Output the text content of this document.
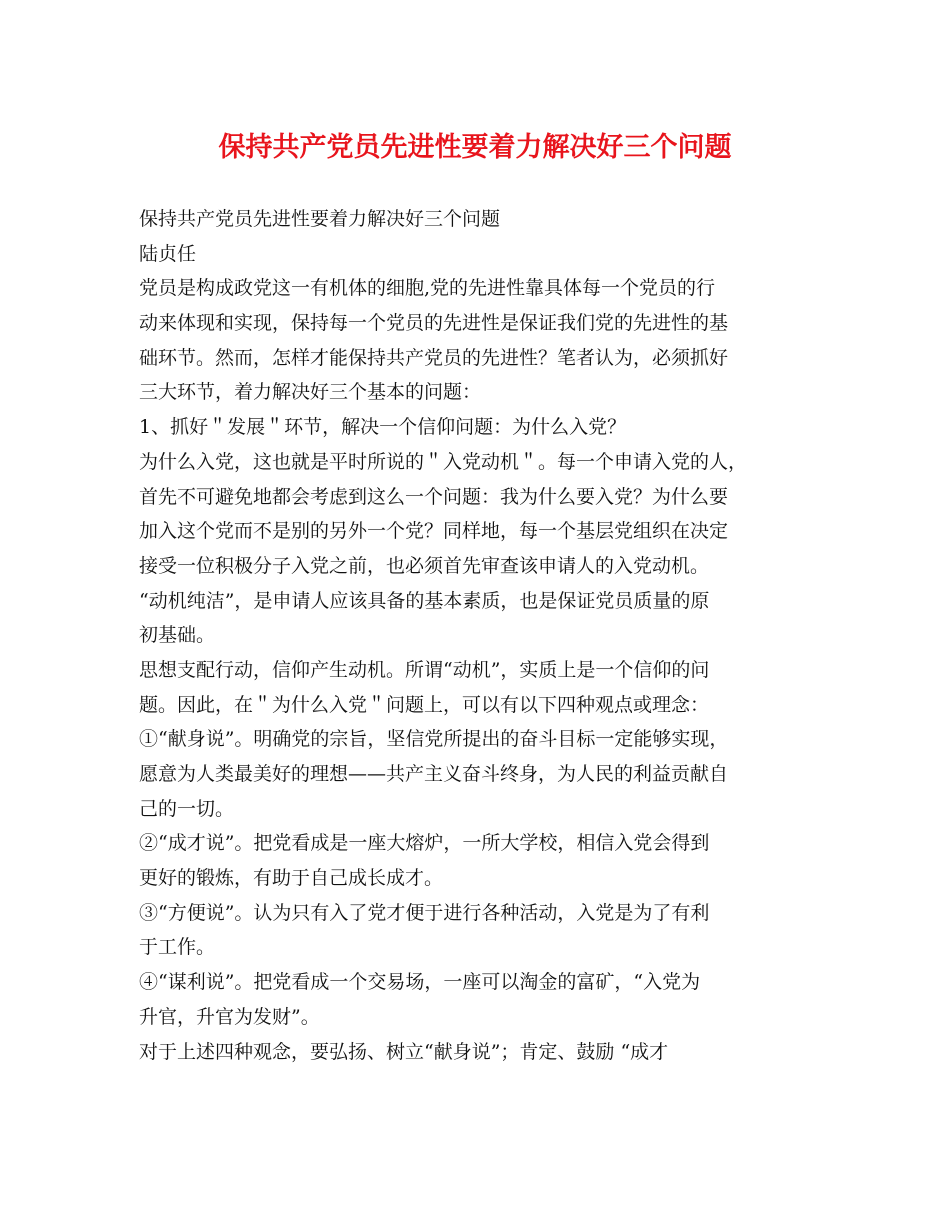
保持共产党员先进性要着力解决好三个问题
保持共产党员先进性要着力解决好三个问题
陆贞任
党员是构成政党这一有机体的细胞,党的先进性靠具体每一个党员的行
动来体现和实现，保持每一个党员的先进性是保证我们党的先进性的基
础环节。然而，怎样才能保持共产党员的先进性？笔者认为，必须抓好
三大环节，着力解决好三个基本的问题：
1、抓好＂发展＂环节，解决一个信仰问题：为什么入党？
为什么入党，这也就是平时所说的＂入党动机＂。每一个申请入党的人，
首先不可避免地都会考虑到这么一个问题：我为什么要入党？为什么要
加入这个党而不是别的另外一个党？同样地，每一个基层党组织在决定
接受一位积极分子入党之前，也必须首先审查该申请人的入党动机。
“动机纯洁”，是申请人应该具备的基本素质，也是保证党员质量的原
初基础。
思想支配行动，信仰产生动机。所谓“动机”，实质上是一个信仰的问
题。因此，在＂为什么入党＂问题上，可以有以下四种观点或理念：
①“献身说”。明确党的宗旨，坚信党所提出的奋斗目标一定能够实现，
愿意为人类最美好的理想——共产主义奋斗终身，为人民的利益贡献自
己的一切。
②“成才说”。把党看成是一座大熔炉，一所大学校，相信入党会得到
更好的锻炼，有助于自己成长成才。
③“方便说”。认为只有入了党才便于进行各种活动，入党是为了有利
于工作。
④“谋利说”。把党看成一个交易场，一座可以淘金的富矿，“入党为
升官，升官为发财”。
对于上述四种观念，要弘扬、树立“献身说”；肯定、鼓励 “成才
